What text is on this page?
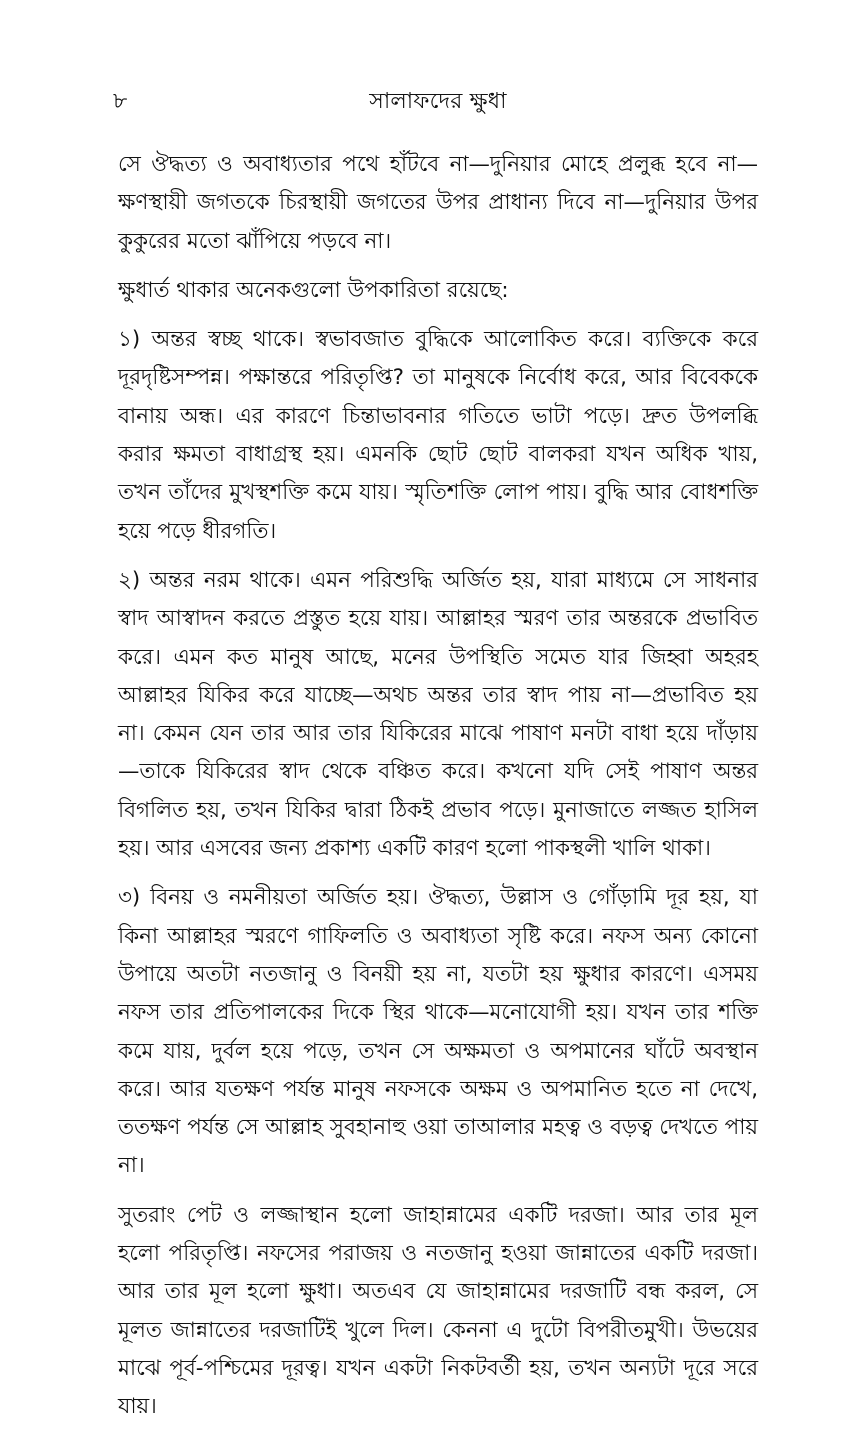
৮	সালাফদের ক্ষুধা

সে ঔদ্ধত্য ও অবাধ্যতার পথে হাঁটবে না—দুনিয়ার মোহে প্রলুব্ধ হবে না—ক্ষণস্থায়ী জগতকে চিরস্থায়ী জগতের উপর প্রাধান্য দিবে না—দুনিয়ার উপর কুকুরের মতো ঝাঁপিয়ে পড়বে না।

ক্ষুধার্ত থাকার অনেকগুলো উপকারিতা রয়েছে:

১) অন্তর স্বচ্ছ থাকে। স্বভাবজাত বুদ্ধিকে আলোকিত করে। ব্যক্তিকে করে দূরদৃষ্টিসম্পন্ন। পক্ষান্তরে পরিতৃপ্তি? তা মানুষকে নির্বোধ করে, আর বিবেককে বানায় অন্ধ। এর কারণে চিন্তাভাবনার গতিতে ভাটা পড়ে। দ্রুত উপলব্ধি করার ক্ষমতা বাধাগ্রস্থ হয়। এমনকি ছোট ছোট বালকরা যখন অধিক খায়, তখন তাঁদের মুখস্থশক্তি কমে যায়। স্মৃতিশক্তি লোপ পায়। বুদ্ধি আর বোধশক্তি হয়ে পড়ে ধীরগতি।

২) অন্তর নরম থাকে। এমন পরিশুদ্ধি অর্জিত হয়, যারা মাধ্যমে সে সাধনার স্বাদ আস্বাদন করতে প্রস্তুত হয়ে যায়। আল্লাহর স্মরণ তার অন্তরকে প্রভাবিত করে। এমন কত মানুষ আছে, মনের উপস্থিতি সমেত যার জিহ্বা অহরহ আল্লাহর যিকির করে যাচ্ছে—অথচ অন্তর তার স্বাদ পায় না—প্রভাবিত হয় না। কেমন যেন তার আর তার যিকিরের মাঝে পাষাণ মনটা বাধা হয়ে দাঁড়ায়—তাকে যিকিরের স্বাদ থেকে বঞ্চিত করে। কখনো যদি সেই পাষাণ অন্তর বিগলিত হয়, তখন যিকির দ্বারা ঠিকই প্রভাব পড়ে। মুনাজাতে লজ্জত হাসিল হয়। আর এসবের জন্য প্রকাশ্য একটি কারণ হলো পাকস্থলী খালি থাকা।

৩) বিনয় ও নমনীয়তা অর্জিত হয়। ঔদ্ধত্য, উল্লাস ও গোঁড়ামি দূর হয়, যা কিনা আল্লাহর স্মরণে গাফিলতি ও অবাধ্যতা সৃষ্টি করে। নফস অন্য কোনো উপায়ে অতটা নতজানু ও বিনয়ী হয় না, যতটা হয় ক্ষুধার কারণে। এসময় নফস তার প্রতিপালকের দিকে স্থির থাকে—মনোযোগী হয়। যখন তার শক্তি কমে যায়, দুর্বল হয়ে পড়ে, তখন সে অক্ষমতা ও অপমানের ঘাঁটে অবস্থান করে। আর যতক্ষণ পর্যন্ত মানুষ নফসকে অক্ষম ও অপমানিত হতে না দেখে, ততক্ষণ পর্যন্ত সে আল্লাহ সুবহানাহু ওয়া তাআলার মহত্ব ও বড়ত্ব দেখতে পায় না।

সুতরাং পেট ও লজ্জাস্থান হলো জাহান্নামের একটি দরজা। আর তার মূল হলো পরিতৃপ্তি। নফসের পরাজয় ও নতজানু হওয়া জান্নাতের একটি দরজা। আর তার মূল হলো ক্ষুধা। অতএব যে জাহান্নামের দরজাটি বন্ধ করল, সে মূলত জান্নাতের দরজাটিই খুলে দিল। কেননা এ দুটো বিপরীতমুখী। উভয়ের মাঝে পূর্ব-পশ্চিমের দূরত্ব। যখন একটা নিকটবর্তী হয়, তখন অন্যটা দূরে সরে যায়।
